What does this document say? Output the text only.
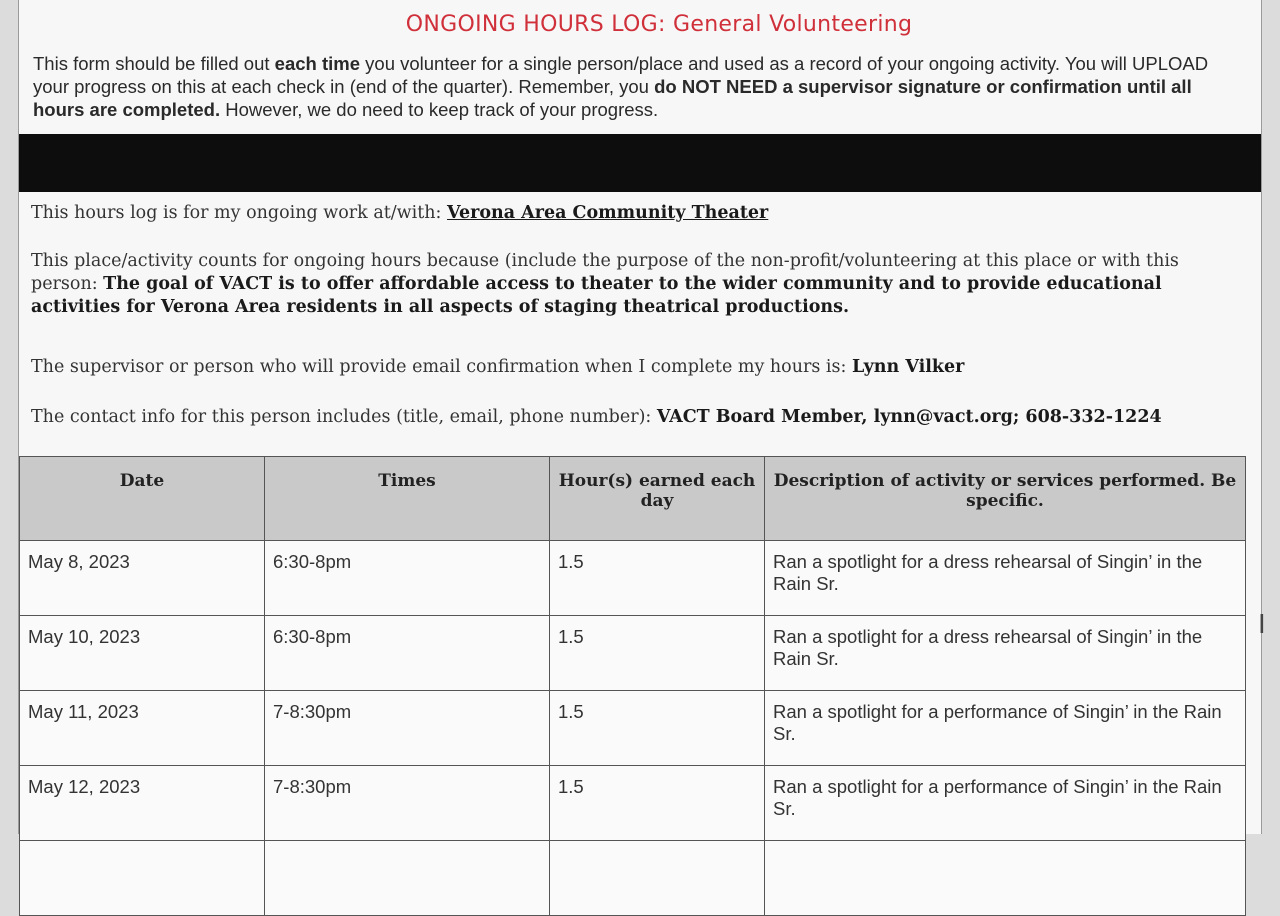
ONGOING HOURS LOG: General Volunteering
This form should be filled out each time you volunteer for a single person/place and used as a record of your ongoing activity. You will UPLOAD your progress on this at each check in (end of the quarter). Remember, you do NOT NEED a supervisor signature or confirmation until all hours are completed. However, we do need to keep track of your progress.
This hours log is for my ongoing work at/with: Verona Area Community Theater
This place/activity counts for ongoing hours because (include the purpose of the non-profit/volunteering at this place or with this person: The goal of VACT is to offer affordable access to theater to the wider community and to provide educational activities for Verona Area residents in all aspects of staging theatrical productions.
The supervisor or person who will provide email confirmation when I complete my hours is: Lynn Vilker
The contact info for this person includes (title, email, phone number): VACT Board Member, lynn@vact.org; 608-332-1224
Date	Times	Hour(s) earned each day	Description of activity or services performed. Be specific.
May 8, 2023	6:30-8pm	1.5	Ran a spotlight for a dress rehearsal of Singin’ in the Rain Sr.
May 10, 2023	6:30-8pm	1.5	Ran a spotlight for a dress rehearsal of Singin’ in the Rain Sr.
May 11, 2023	7-8:30pm	1.5	Ran a spotlight for a performance of Singin’ in the Rain Sr.
May 12, 2023	7-8:30pm	1.5	Ran a spotlight for a performance of Singin’ in the Rain Sr.

I
